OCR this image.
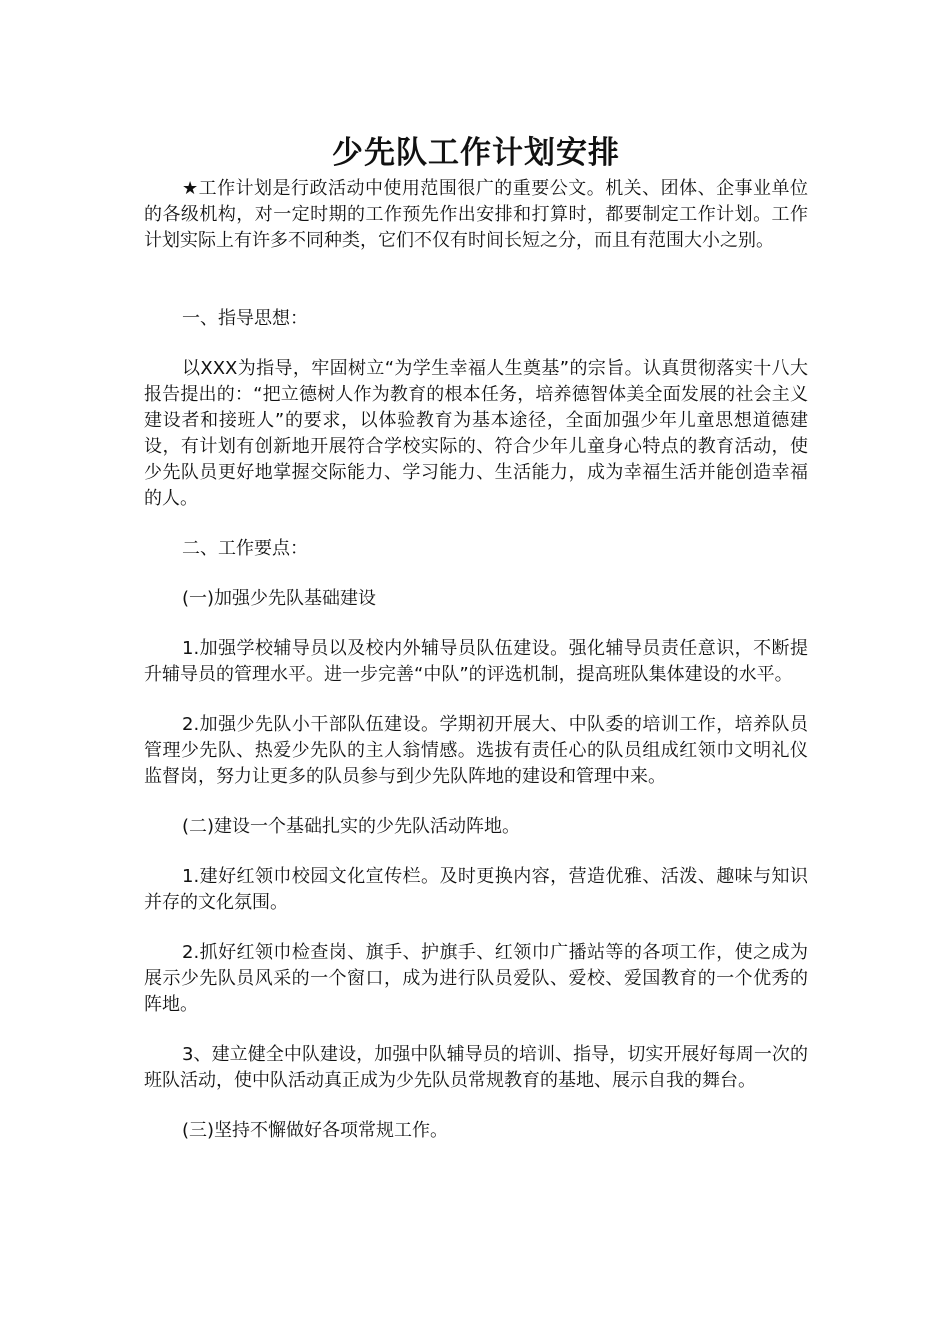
少先队工作计划安排

★工作计划是行政活动中使用范围很广的重要公文。机关、团体、企事业单位的各级机构，对一定时期的工作预先作出安排和打算时，都要制定工作计划。工作计划实际上有许多不同种类，它们不仅有时间长短之分，而且有范围大小之别。

一、指导思想：

以XXX为指导，牢固树立“为学生幸福人生奠基”的宗旨。认真贯彻落实十八大报告提出的：“把立德树人作为教育的根本任务，培养德智体美全面发展的社会主义建设者和接班人”的要求，以体验教育为基本途径，全面加强少年儿童思想道德建设，有计划有创新地开展符合学校实际的、符合少年儿童身心特点的教育活动，使少先队员更好地掌握交际能力、学习能力、生活能力，成为幸福生活并能创造幸福的人。

二、工作要点：

(一)加强少先队基础建设

1.加强学校辅导员以及校内外辅导员队伍建设。强化辅导员责任意识，不断提升辅导员的管理水平。进一步完善“中队”的评选机制，提高班队集体建设的水平。

2.加强少先队小干部队伍建设。学期初开展大、中队委的培训工作，培养队员管理少先队、热爱少先队的主人翁情感。选拔有责任心的队员组成红领巾文明礼仪监督岗，努力让更多的队员参与到少先队阵地的建设和管理中来。

(二)建设一个基础扎实的少先队活动阵地。

1.建好红领巾校园文化宣传栏。及时更换内容，营造优雅、活泼、趣味与知识并存的文化氛围。

2.抓好红领巾检查岗、旗手、护旗手、红领巾广播站等的各项工作，使之成为展示少先队员风采的一个窗口，成为进行队员爱队、爱校、爱国教育的一个优秀的阵地。

3、建立健全中队建设，加强中队辅导员的培训、指导，切实开展好每周一次的班队活动，使中队活动真正成为少先队员常规教育的基地、展示自我的舞台。

(三)坚持不懈做好各项常规工作。
